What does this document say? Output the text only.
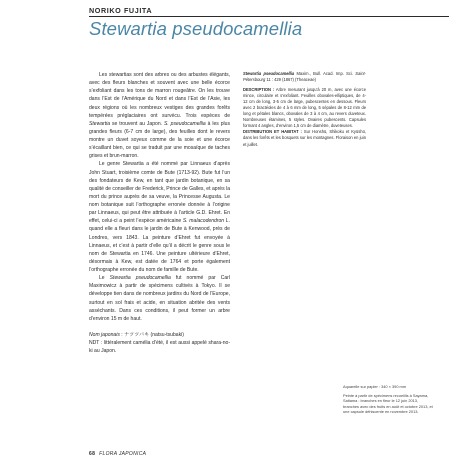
NORIKO FUJITA
Stewartia pseudocamellia

Les stewartias sont des arbres ou des arbustes élégants, avec des fleurs blanches et souvent avec une belle écorce s’exfoliant dans les tons de marron rougeâtre. On les trouve dans l’Est de l’Amérique du Nord et dans l’Est de l’Asie, les deux régions où les nombreux vestiges des grandes forêts tempérées préglaciaires ont survécu. Trois espèces de Stewartia se trouvent au Japon. S. pseudocamellia à les plus grandes fleurs (6-7 cm de large), des feuilles dont le revers montre un duvet soyeux comme de la soie et une écorce s’écaillant bien, ce qui se traduit par une mosaïque de taches grises et brun-marron.

Le genre Stewartia a été nommé par Linnaeus d’après John Stuart, troisième comte de Bute (1713-92). Bute fut l’un des fondateurs de Kew, en tant que jardin botanique, en sa qualité de conseiller de Frederick, Prince de Galles, et après la mort du prince auprès de sa veuve, la Princesse Augusta. Le nom botanique suit l’orthographe erronée donnée à l’origine par Linnaeus, qui peut être attribuée à l’article G.D. Ehret. En effet, celui-ci a peint l’espèce américaine S. malacodendron L. quand elle a fleuri dans le jardin de Bute à Kenwood, près de Londres, vers 1843. La peinture d’Ehret fut envoyée à Linnaeus, et c’est à partir d’elle qu’il a décrit le genre sous le nom de Stewartia en 1746. Une peinture ultérieure d’Ehret, désormais à Kew, est datée de 1764 et porte également l’orthographe erronée du nom de famille de Bute.

Le Stewartia pseudocamellia fut nommé par Carl Maximowicz à partir de spécimens cultivés à Tokyo. Il se développe tien dans de nombreux jardins du Nord de l’Europe, surtout en sol frais et acide, en situation abritée des vents asséchants. Dans ces conditions, il peut former un arbre d’environ 15 m de haut.

Nom japonais : ナツツバキ (natsu-tsubaki)

NDT : littéralement camélia d’été, il est aussi appelé shara-no-ki au Japon.

Stewartia pseudocamellia Maxim., Bull. Acad. Imp. Sci. Saint-Pétersbourg 11 : 429 (1867) (Theaceae)

DESCRIPTION : Arbre mesurant jusqu’à 20 m, avec une écorce mince, circulaire et s’exfoliant. Feuilles obovales-elliptiques, de 4-12 cm de long, 3-5 cm de large, pubescentes en dessous. Fleurs avec 2 bractéoles de 4 à 6 mm de long, 5 sépales de 8-12 mm de long et pétales blancs, obovales de 3 à 4 cm, au revers duveteux. Nombreuses étamines, 5 styles. Ovaires pubescents. Capsules formant 4 angles, d’environ 1,5 cm de diamètre, duveteuses.

DISTRIBUTION ET HABITAT : Sur Honshū, Shikoku et Kyūshū, dans les forêts et les bosquets sur les montagnes. Floraison en juin et juillet.

Aquarelle sur papier : 340 × 390 mm
Peinte à partir de spécimens recueillis à Sayama, Saitama : branches en fleur le 12 juin 2013, branches avec des fruits en août et octobre 2013, et une capsule déhiscente en novembre 2013.
68 FLORA JAPONICA
